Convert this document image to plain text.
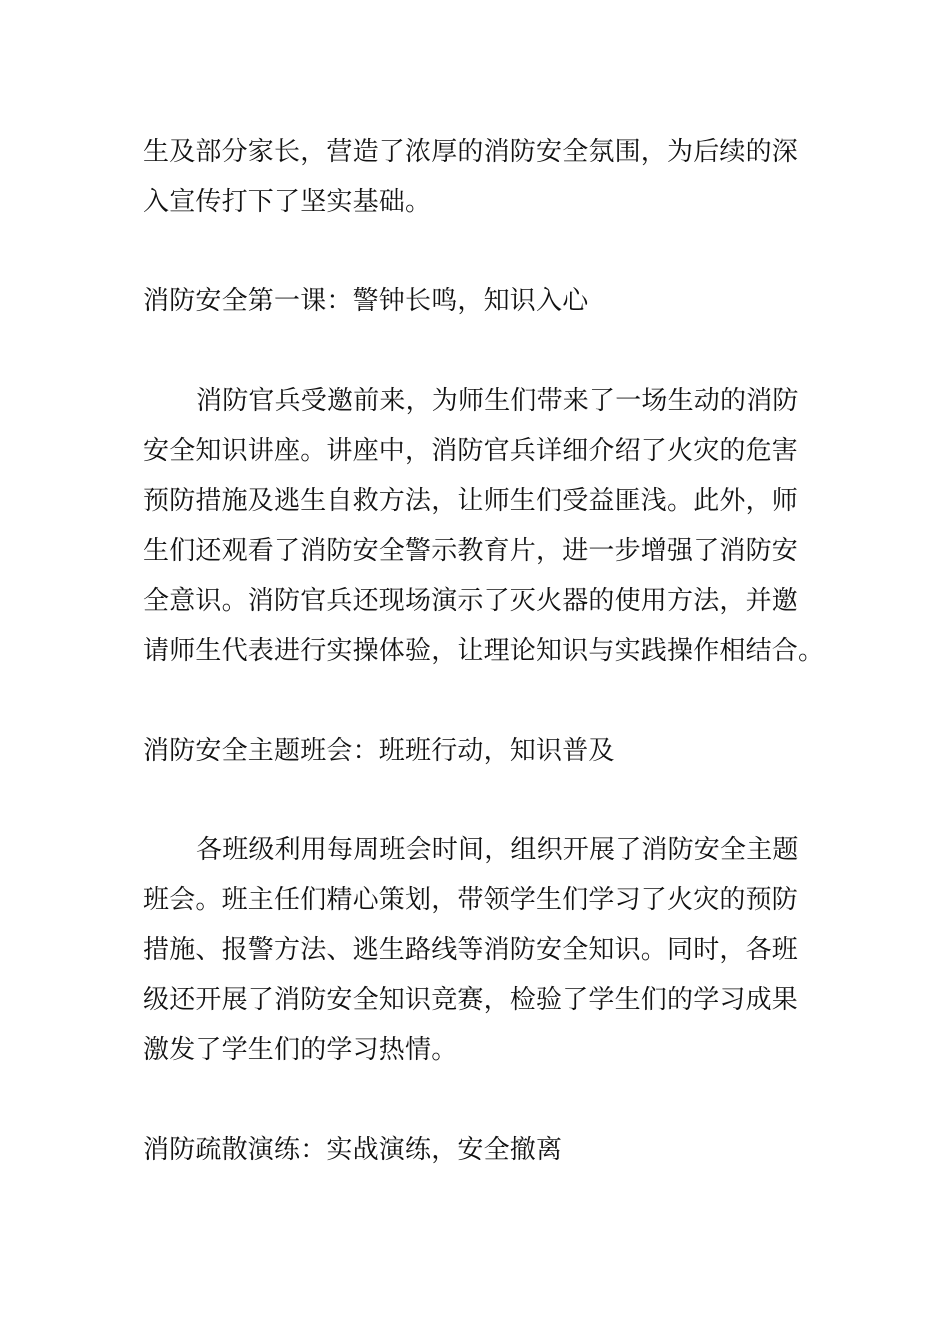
生及部分家长，营造了浓厚的消防安全氛围，为后续的深
入宣传打下了坚实基础。
消防安全第一课：警钟长鸣，知识入心
消防官兵受邀前来，为师生们带来了一场生动的消防
安全知识讲座。讲座中，消防官兵详细介绍了火灾的危害
预防措施及逃生自救方法，让师生们受益匪浅。此外，师
生们还观看了消防安全警示教育片，进一步增强了消防安
全意识。消防官兵还现场演示了灭火器的使用方法，并邀
请师生代表进行实操体验，让理论知识与实践操作相结合。
消防安全主题班会：班班行动，知识普及
各班级利用每周班会时间，组织开展了消防安全主题
班会。班主任们精心策划，带领学生们学习了火灾的预防
措施、报警方法、逃生路线等消防安全知识。同时，各班
级还开展了消防安全知识竞赛，检验了学生们的学习成果
激发了学生们的学习热情。
消防疏散演练：实战演练，安全撤离
